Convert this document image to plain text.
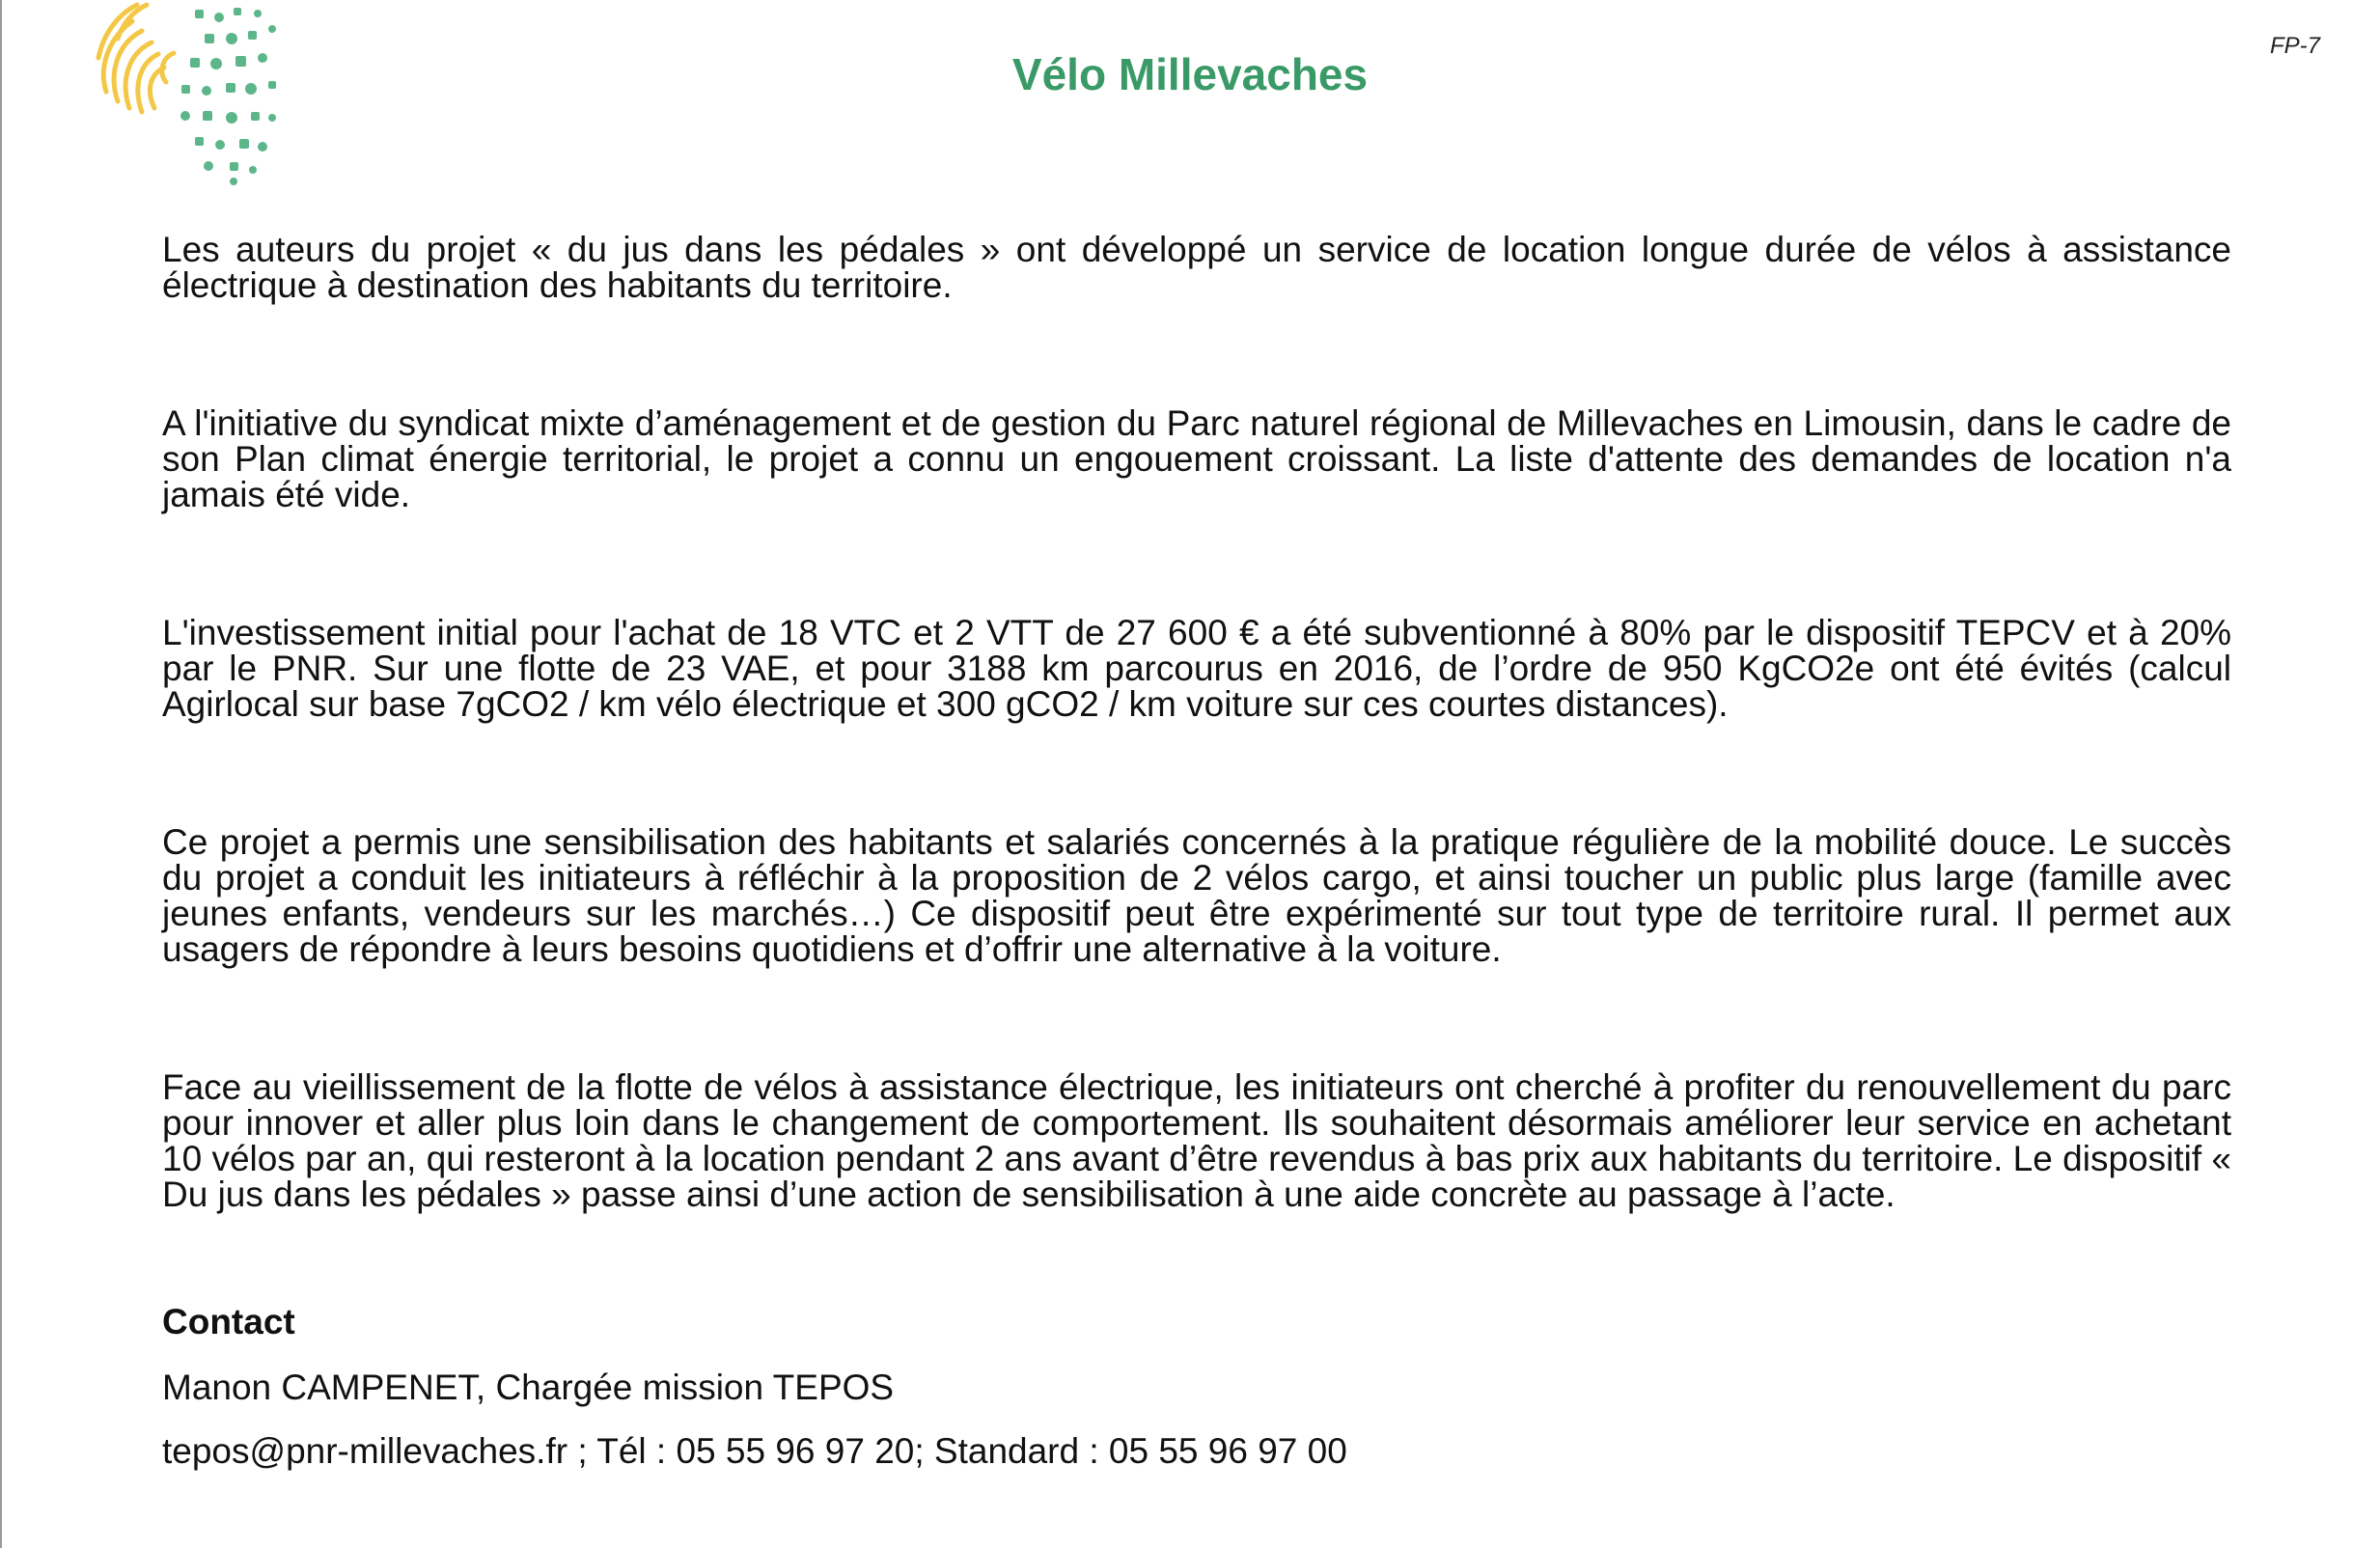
FP-7
Vélo Millevaches

Les auteurs du projet « du jus dans les pédales » ont développé un service de location longue durée de vélos à assistance électrique à destination des habitants du territoire.

A l'initiative du syndicat mixte d’aménagement et de gestion du Parc naturel régional de Millevaches en Limousin, dans le cadre de son Plan climat énergie territorial, le projet a connu un engouement croissant. La liste d'attente des demandes de location n'a jamais été vide.

L'investissement initial pour l'achat de 18 VTC et 2 VTT de 27 600 € a été subventionné à 80% par le dispositif TEPCV et à 20% par le PNR. Sur une flotte de 23 VAE, et pour 3188 km parcourus en 2016, de l’ordre de 950 KgCO2e ont été évités (calcul Agirlocal sur base 7gCO2 / km vélo électrique et 300 gCO2 / km voiture sur ces courtes distances).

Ce projet a permis une sensibilisation des habitants et salariés concernés à la pratique régulière de la mobilité douce. Le succès du projet a conduit les initiateurs à réfléchir à la proposition de 2 vélos cargo, et ainsi toucher un public plus large (famille avec jeunes enfants, vendeurs sur les marchés…) Ce dispositif peut être expérimenté sur tout type de territoire rural. Il permet aux usagers de répondre à leurs besoins quotidiens et d’offrir une alternative à la voiture.

Face au vieillissement de la flotte de vélos à assistance électrique, les initiateurs ont cherché à profiter du renouvellement du parc pour innover et aller plus loin dans le changement de comportement. Ils souhaitent désormais améliorer leur service en achetant 10 vélos par an, qui resteront à la location pendant 2 ans avant d’être revendus à bas prix aux habitants du territoire. Le dispositif « Du jus dans les pédales » passe ainsi d’une action de sensibilisation à une aide concrète au passage à l’acte.

Contact
Manon CAMPENET, Chargée mission TEPOS
tepos@pnr-millevaches.fr ; Tél : 05 55 96 97 20; Standard : 05 55 96 97 00
